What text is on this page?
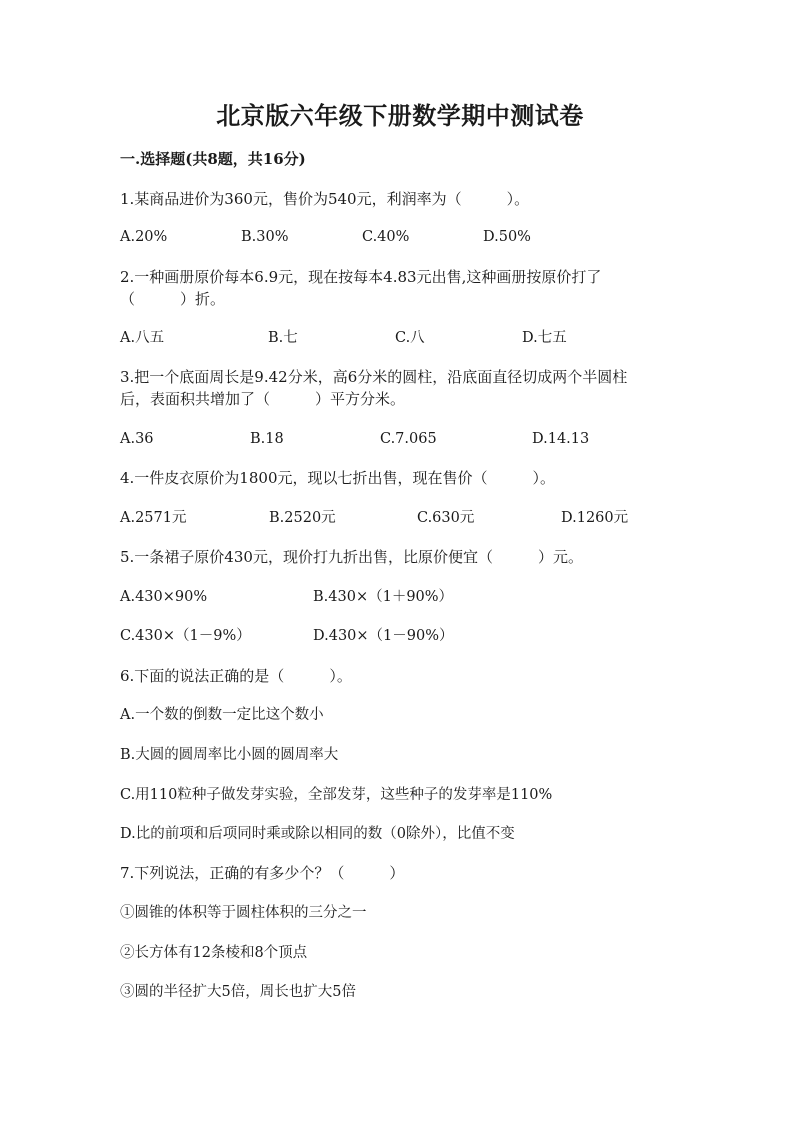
北京版六年级下册数学期中测试卷
一.选择题(共8题，共16分)
1.某商品进价为360元，售价为540元，利润率为（　　　）。
A.20%	B.30%	C.40%	D.50%
2.一种画册原价每本6.9元，现在按每本4.83元出售,这种画册按原价打了
（　　　）折。
A.八五	B.七	C.八	D.七五
3.把一个底面周长是9.42分米，高6分米的圆柱，沿底面直径切成两个半圆柱
后，表面积共增加了（　　　）平方分米。
A.36	B.18	C.7.065	D.14.13
4.一件皮衣原价为1800元，现以七折出售，现在售价（　　　）。
A.2571元	B.2520元	C.630元	D.1260元
5.一条裙子原价430元，现价打九折出售，比原价便宜（　　　）元。
A.430×90%	B.430×（1＋90%）
C.430×（1－9%）	D.430×（1－90%）
6.下面的说法正确的是（　　　）。
A.一个数的倒数一定比这个数小
B.大圆的圆周率比小圆的圆周率大
C.用110粒种子做发芽实验，全部发芽，这些种子的发芽率是110%
D.比的前项和后项同时乘或除以相同的数（0除外），比值不变
7.下列说法，正确的有多少个？（　　　）
①圆锥的体积等于圆柱体积的三分之一
②长方体有12条棱和8个顶点
③圆的半径扩大5倍，周长也扩大5倍
